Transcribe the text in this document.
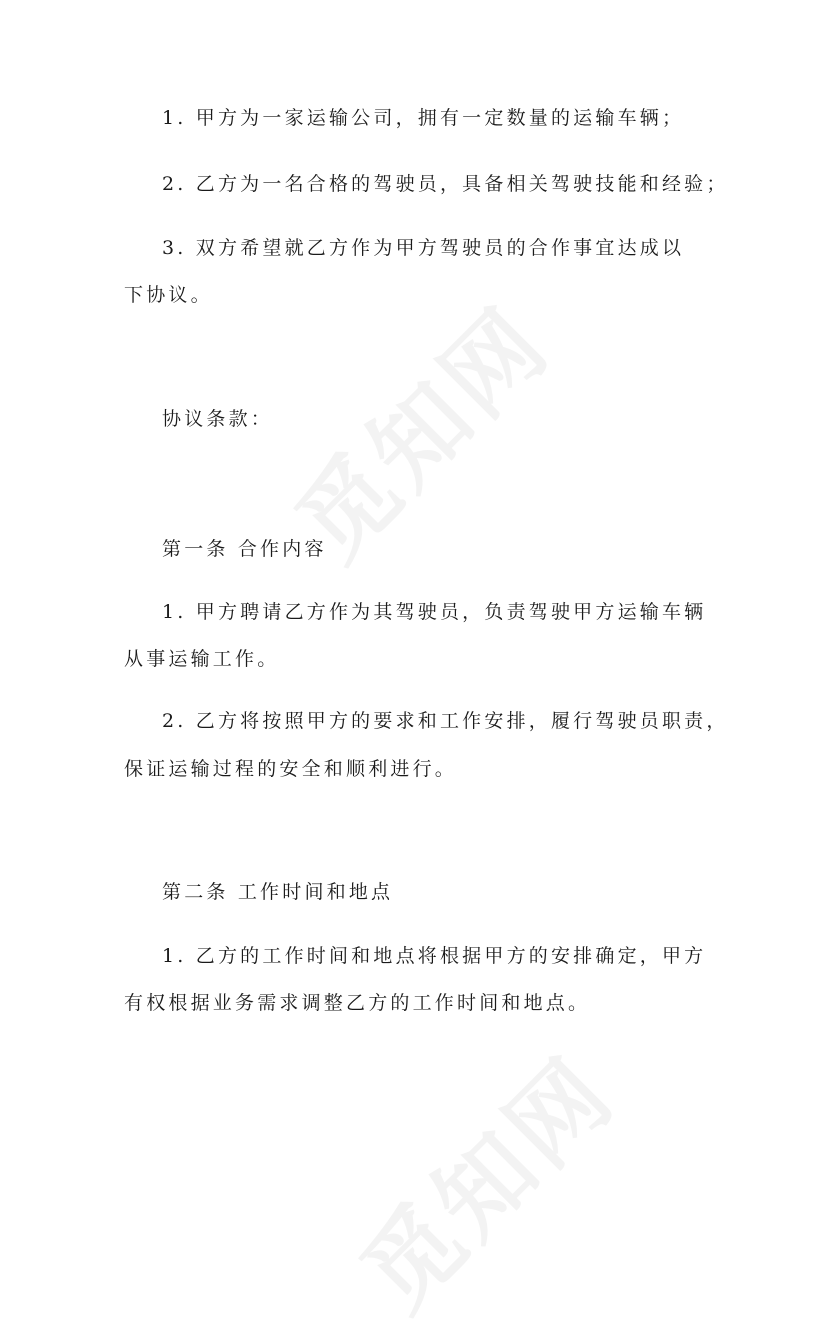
1. 甲方为一家运输公司，拥有一定数量的运输车辆；
2. 乙方为一名合格的驾驶员，具备相关驾驶技能和经验；
3. 双方希望就乙方作为甲方驾驶员的合作事宜达成以
下协议。
协议条款：
第一条 合作内容
1. 甲方聘请乙方作为其驾驶员，负责驾驶甲方运输车辆
从事运输工作。
2. 乙方将按照甲方的要求和工作安排，履行驾驶员职责，
保证运输过程的安全和顺利进行。
第二条 工作时间和地点
1. 乙方的工作时间和地点将根据甲方的安排确定，甲方
有权根据业务需求调整乙方的工作时间和地点。
